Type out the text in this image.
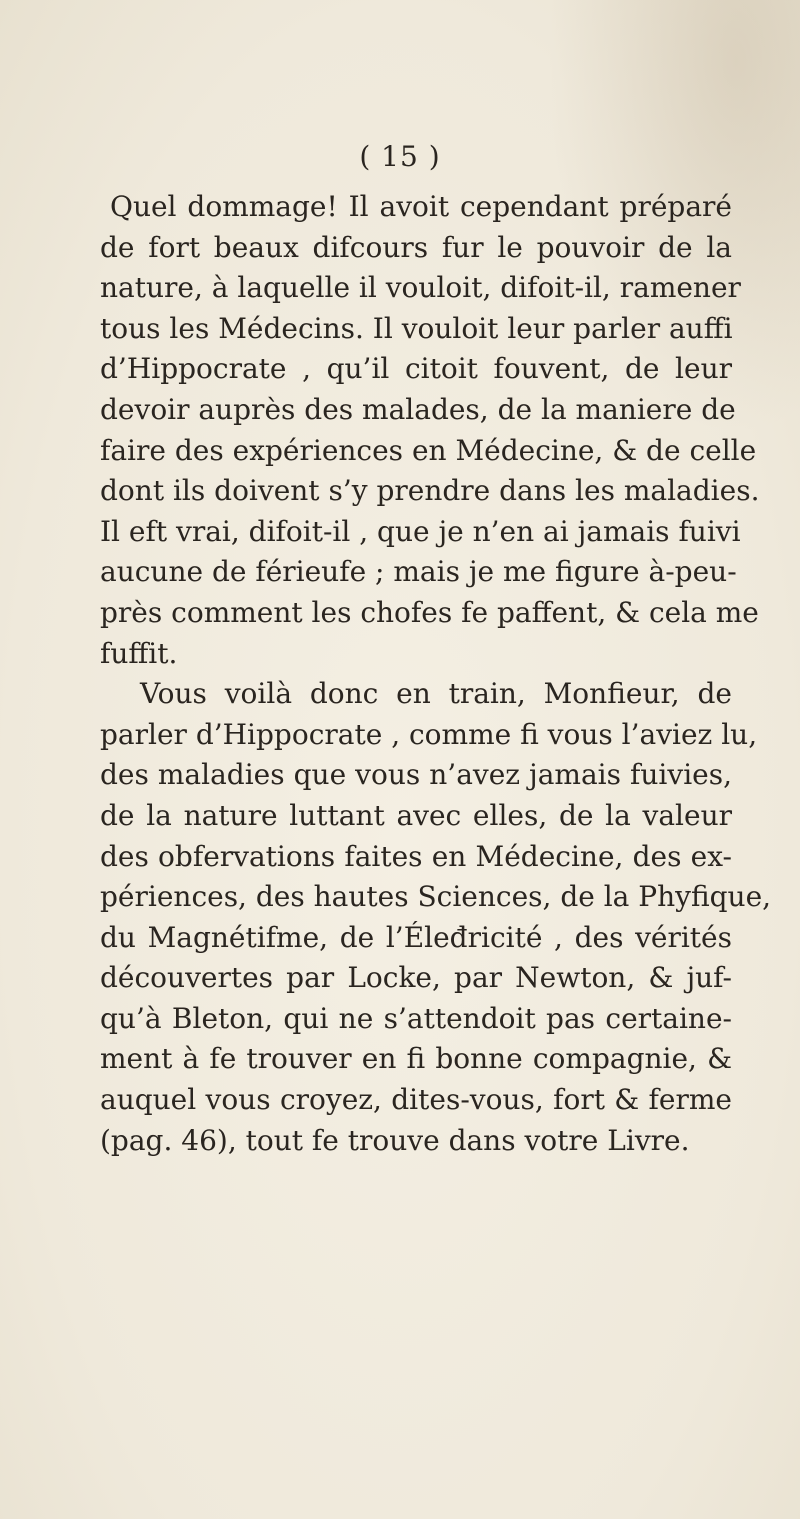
( 15 )
Quel dommage! Il avoit cependant préparé
de fort beaux difcours fur le pouvoir de la
nature, à laquelle il vouloit, difoit-il, ramener
tous les Médecins. Il vouloit leur parler auffi
d’Hippocrate , qu’il citoit fouvent, de leur
devoir auprès des malades, de la maniere de
faire des expériences en Médecine, & de celle
dont ils doivent s’y prendre dans les maladies.
Il eft vrai, difoit-il , que je n’en ai jamais fuivi
aucune de férieufe ; mais je me figure à-peu-
près comment les chofes fe paffent, & cela me
fuffit.
Vous voilà donc en train, Monfieur, de
parler d’Hippocrate , comme fi vous l’aviez lu,
des maladies que vous n’avez jamais fuivies,
de la nature luttant avec elles, de la valeur
des obfervations faites en Médecine, des ex-
périences, des hautes Sciences, de la Phyfique,
du Magnétifme, de l’Éleđricité , des vérités
découvertes par Locke, par Newton, & juf-
qu’à Bleton, qui ne s’attendoit pas certaine-
ment à fe trouver en fi bonne compagnie, &
auquel vous croyez, dites-vous, fort & ferme
(pag. 46), tout fe trouve dans votre Livre.
